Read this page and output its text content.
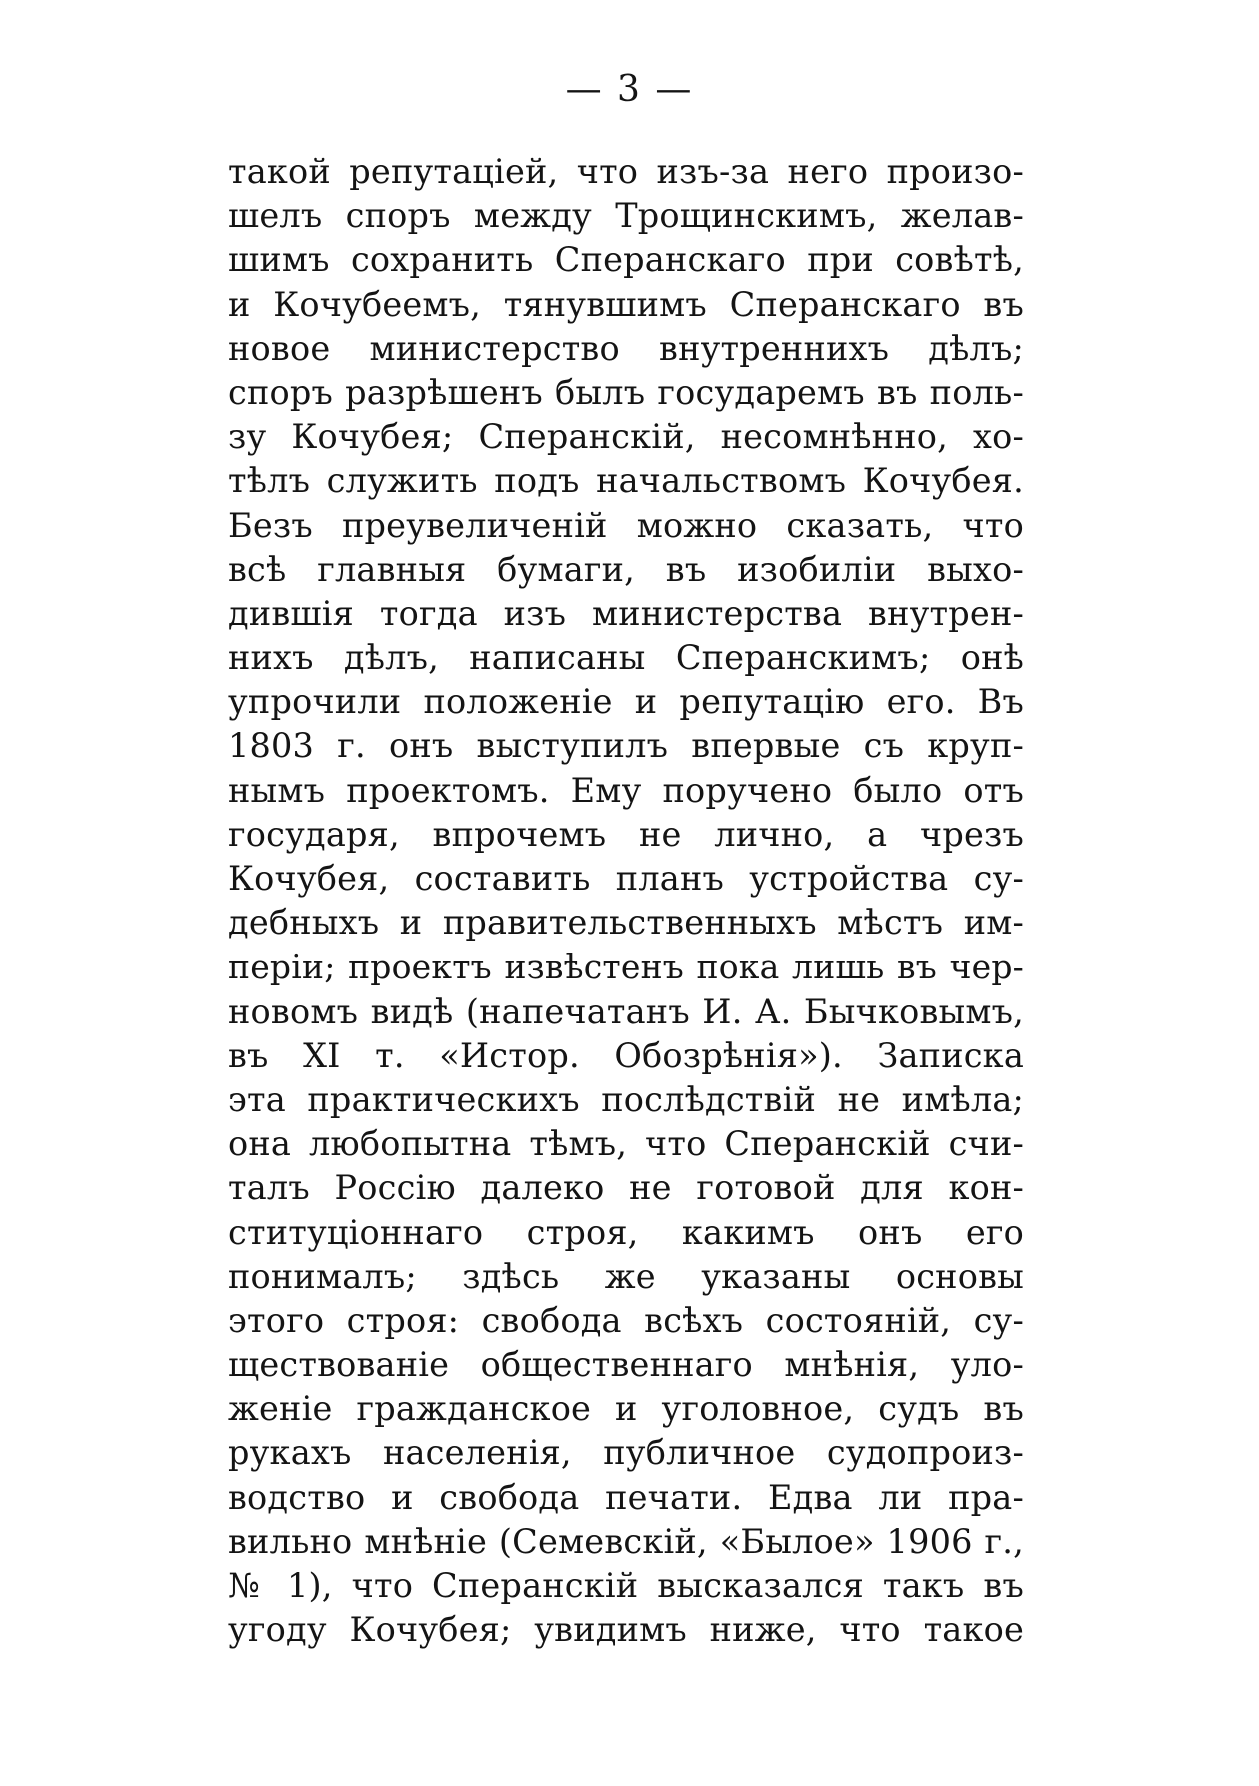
— 3 —
такой репутаціей, что изъ-за него произо-
шелъ споръ между Трощинскимъ, желав-
шимъ сохранить Сперанскаго при совѣтѣ,
и Кочубеемъ, тянувшимъ Сперанскаго въ
новое министерство внутреннихъ дѣлъ;
споръ разрѣшенъ былъ государемъ въ поль-
зу Кочубея; Сперанскій, несомнѣнно, хо-
тѣлъ служить подъ начальствомъ Кочубея.
Безъ преувеличеній можно сказать, что
всѣ главныя бумаги, въ изобиліи выхо-
дившія тогда изъ министерства внутрен-
нихъ дѣлъ, написаны Сперанскимъ; онѣ
упрочили положеніе и репутацію его. Въ
1803 г. онъ выступилъ впервые съ круп-
нымъ проектомъ. Ему поручено было отъ
государя, впрочемъ не лично, а чрезъ
Кочубея, составить планъ устройства су-
дебныхъ и правительственныхъ мѣстъ им-
періи; проектъ извѣстенъ пока лишь въ чер-
новомъ видѣ (напечатанъ И. А. Бычковымъ,
въ XI т. «Истор. Обозрѣнія»). Записка
эта практическихъ послѣдствій не имѣла;
она любопытна тѣмъ, что Сперанскій счи-
талъ Россію далеко не готовой для кон-
ституціоннаго строя, какимъ онъ его
понималъ; здѣсь же указаны основы
этого строя: свобода всѣхъ состояній, су-
ществованіе общественнаго мнѣнія, уло-
женіе гражданское и уголовное, судъ въ
рукахъ населенія, публичное судопроиз-
водство и свобода печати. Едва ли пра-
вильно мнѣніе (Семевскій, «Былое» 1906 г.,
№ 1), что Сперанскій высказался такъ въ
угоду Кочубея; увидимъ ниже, что такое
